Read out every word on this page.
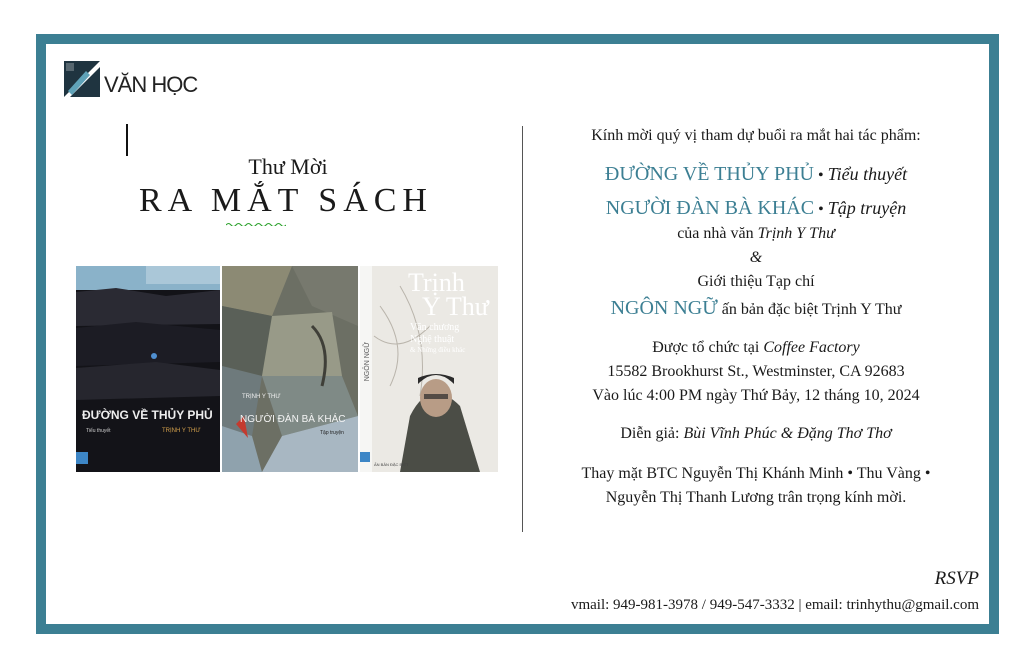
VĂN HỌC
Thư Mời
RA MẮT SÁCH
ĐƯỜNG VỀ THỦY PHỦ
Tiểu thuyết	TRỊNH Y THƯ
TRỊNH Y THƯ
NGƯỜI ĐÀN BÀ KHÁC
Tập truyện
Trịnh
Y Thư
Văn chương
Nghệ thuật
& Những điều khác
NGÔN NGỮ
ẤN BẢN ĐẶC BIỆT
Kính mời quý vị tham dự buổi ra mắt hai tác phẩm:
ĐƯỜNG VỀ THỦY PHỦ • Tiểu thuyết
NGƯỜI ĐÀN BÀ KHÁC • Tập truyện
của nhà văn Trịnh Y Thư
&
Giới thiệu Tạp chí
NGÔN NGỮ ấn bản đặc biệt Trịnh Y Thư
Được tổ chức tại Coffee Factory
15582 Brookhurst St., Westminster, CA 92683
Vào lúc 4:00 PM ngày Thứ Bảy, 12 tháng 10, 2024
Diễn giả: Bùi Vĩnh Phúc & Đặng Thơ Thơ
Thay mặt BTC Nguyễn Thị Khánh Minh • Thu Vàng •
Nguyễn Thị Thanh Lương trân trọng kính mời.
RSVP
vmail: 949-981-3978 / 949-547-3332 | email: trinhythu@gmail.com
